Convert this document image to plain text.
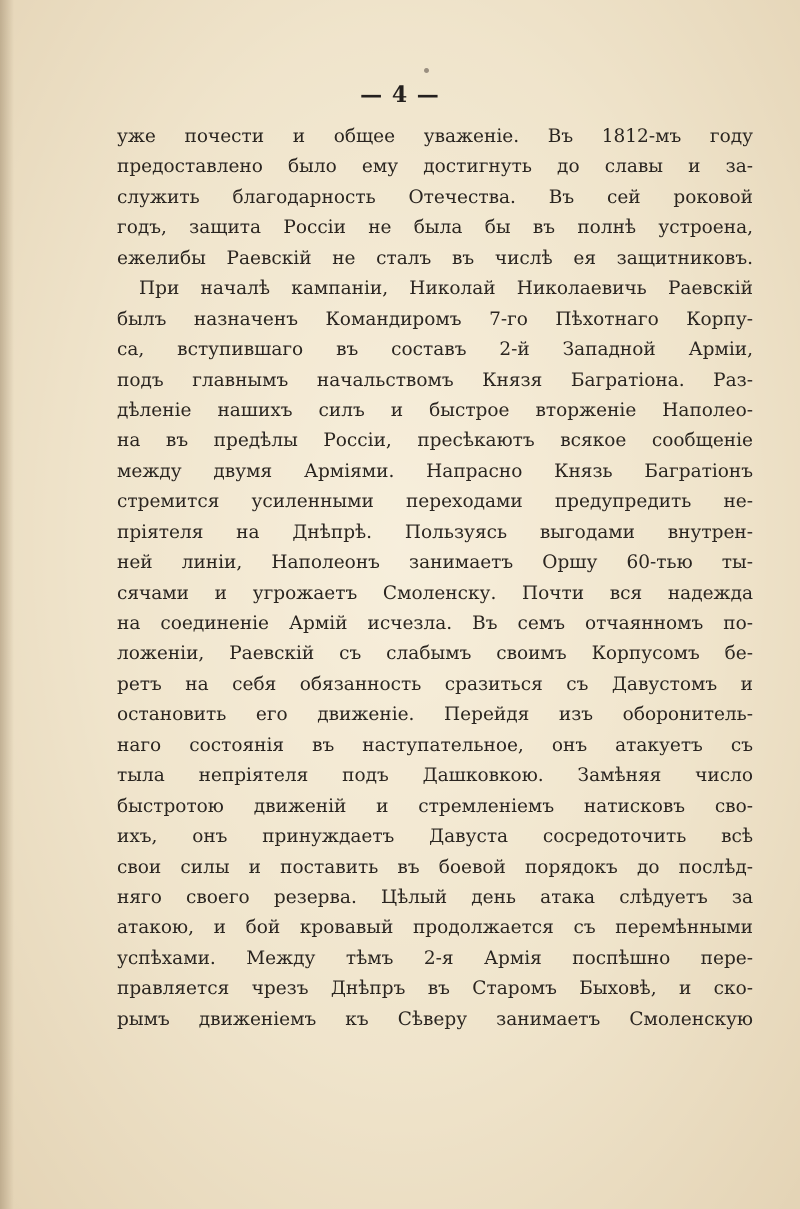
— 4 —
уже почести и общее уваженіе. Въ 1812-мъ году
предоставлено было ему достигнуть до славы и за-
служить благодарность Отечества. Въ сей роковой
годъ, защита Россіи не была бы въ полнѣ устроена,
ежелибы Раевскій не сталъ въ числѣ ея защитниковъ.
При началѣ кампаніи, Николай Николаевичь Раевскій
былъ назначенъ Командиромъ 7-го Пѣхотнаго Корпу-
са, вступившаго въ составъ 2-й Западной Арміи,
подъ главнымъ начальствомъ Князя Багратіона. Раз-
дѣленіе нашихъ силъ и быстрое вторженіе Наполео-
на въ предѣлы Россіи, пресѣкаютъ всякое сообщеніе
между двумя Арміями. Напрасно Князь Багратіонъ
стремится усиленными переходами предупредить не-
пріятеля на Днѣпрѣ. Пользуясь выгодами внутрен-
ней линіи, Наполеонъ занимаетъ Оршу 60-тью ты-
сячами и угрожаетъ Смоленску. Почти вся надежда
на соединеніе Армій исчезла. Въ семъ отчаянномъ по-
ложеніи, Раевскій съ слабымъ своимъ Корпусомъ бе-
ретъ на себя обязанность сразиться съ Давустомъ и
остановить его движеніе. Перейдя изъ оборонитель-
наго состоянія въ наступательное, онъ атакуетъ съ
тыла непріятеля подъ Дашковкою. Замѣняя число
быстротою движеній и стремленіемъ натисковъ сво-
ихъ, онъ принуждаетъ Давуста сосредоточить всѣ
свои силы и поставить въ боевой порядокъ до послѣд-
няго своего резерва. Цѣлый день атака слѣдуетъ за
атакою, и бой кровавый продолжается съ перемѣнными
успѣхами. Между тѣмъ 2-я Армія поспѣшно пере-
правляется чрезъ Днѣпръ въ Старомъ Быховѣ, и ско-
рымъ движеніемъ къ Сѣверу занимаетъ Смоленскую
